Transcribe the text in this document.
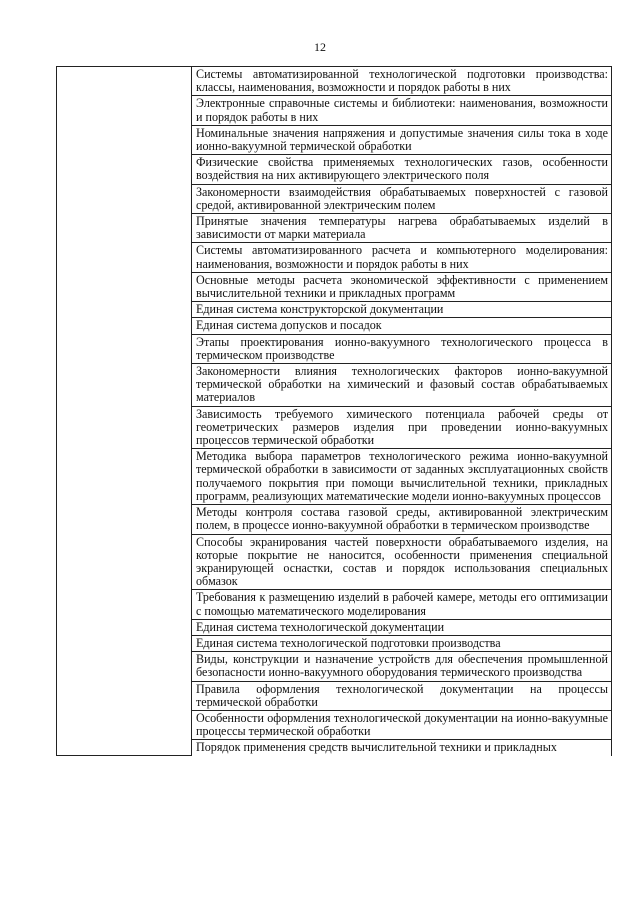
12
	Системы автоматизированной технологической подготовки производства: классы, наименования, возможности и порядок работы в них
Электронные справочные системы и библиотеки: наименования, возможности и порядок работы в них
Номинальные значения напряжения и допустимые значения силы тока в ходе ионно-вакуумной термической обработки
Физические свойства применяемых технологических газов, особенности воздействия на них активирующего электрического поля
Закономерности взаимодействия обрабатываемых поверхностей с газовой средой, активированной электрическим полем
Принятые значения температуры нагрева обрабатываемых изделий в зависимости от марки материала
Системы автоматизированного расчета и компьютерного моделирования: наименования, возможности и порядок работы в них
Основные методы расчета экономической эффективности с применением вычислительной техники и прикладных программ
Единая система конструкторской документации
Единая система допусков и посадок
Этапы проектирования ионно-вакуумного технологического процесса в термическом производстве
Закономерности влияния технологических факторов ионно-вакуумной термической обработки на химический и фазовый состав обрабатываемых материалов
Зависимость требуемого химического потенциала рабочей среды от геометрических размеров изделия при проведении ионно-вакуумных процессов термической обработки
Методика выбора параметров технологического режима ионно-вакуумной термической обработки в зависимости от заданных эксплуатационных свойств получаемого покрытия при помощи вычислительной техники, прикладных программ, реализующих математические модели ионно-вакуумных процессов
Методы контроля состава газовой среды, активированной электрическим полем, в процессе ионно-вакуумной обработки в термическом производстве
Способы экранирования частей поверхности обрабатываемого изделия, на которые покрытие не наносится, особенности применения специальной экранирующей оснастки, состав и порядок использования специальных обмазок
Требования к размещению изделий в рабочей камере, методы его оптимизации с помощью математического моделирования
Единая система технологической документации
Единая система технологической подготовки производства
Виды, конструкции и назначение устройств для обеспечения промышленной безопасности ионно-вакуумного оборудования термического производства
Правила оформления технологической документации на процессы термической обработки
Особенности оформления технологической документации на ионно-вакуумные процессы термической обработки
Порядок применения средств вычислительной техники и прикладных
